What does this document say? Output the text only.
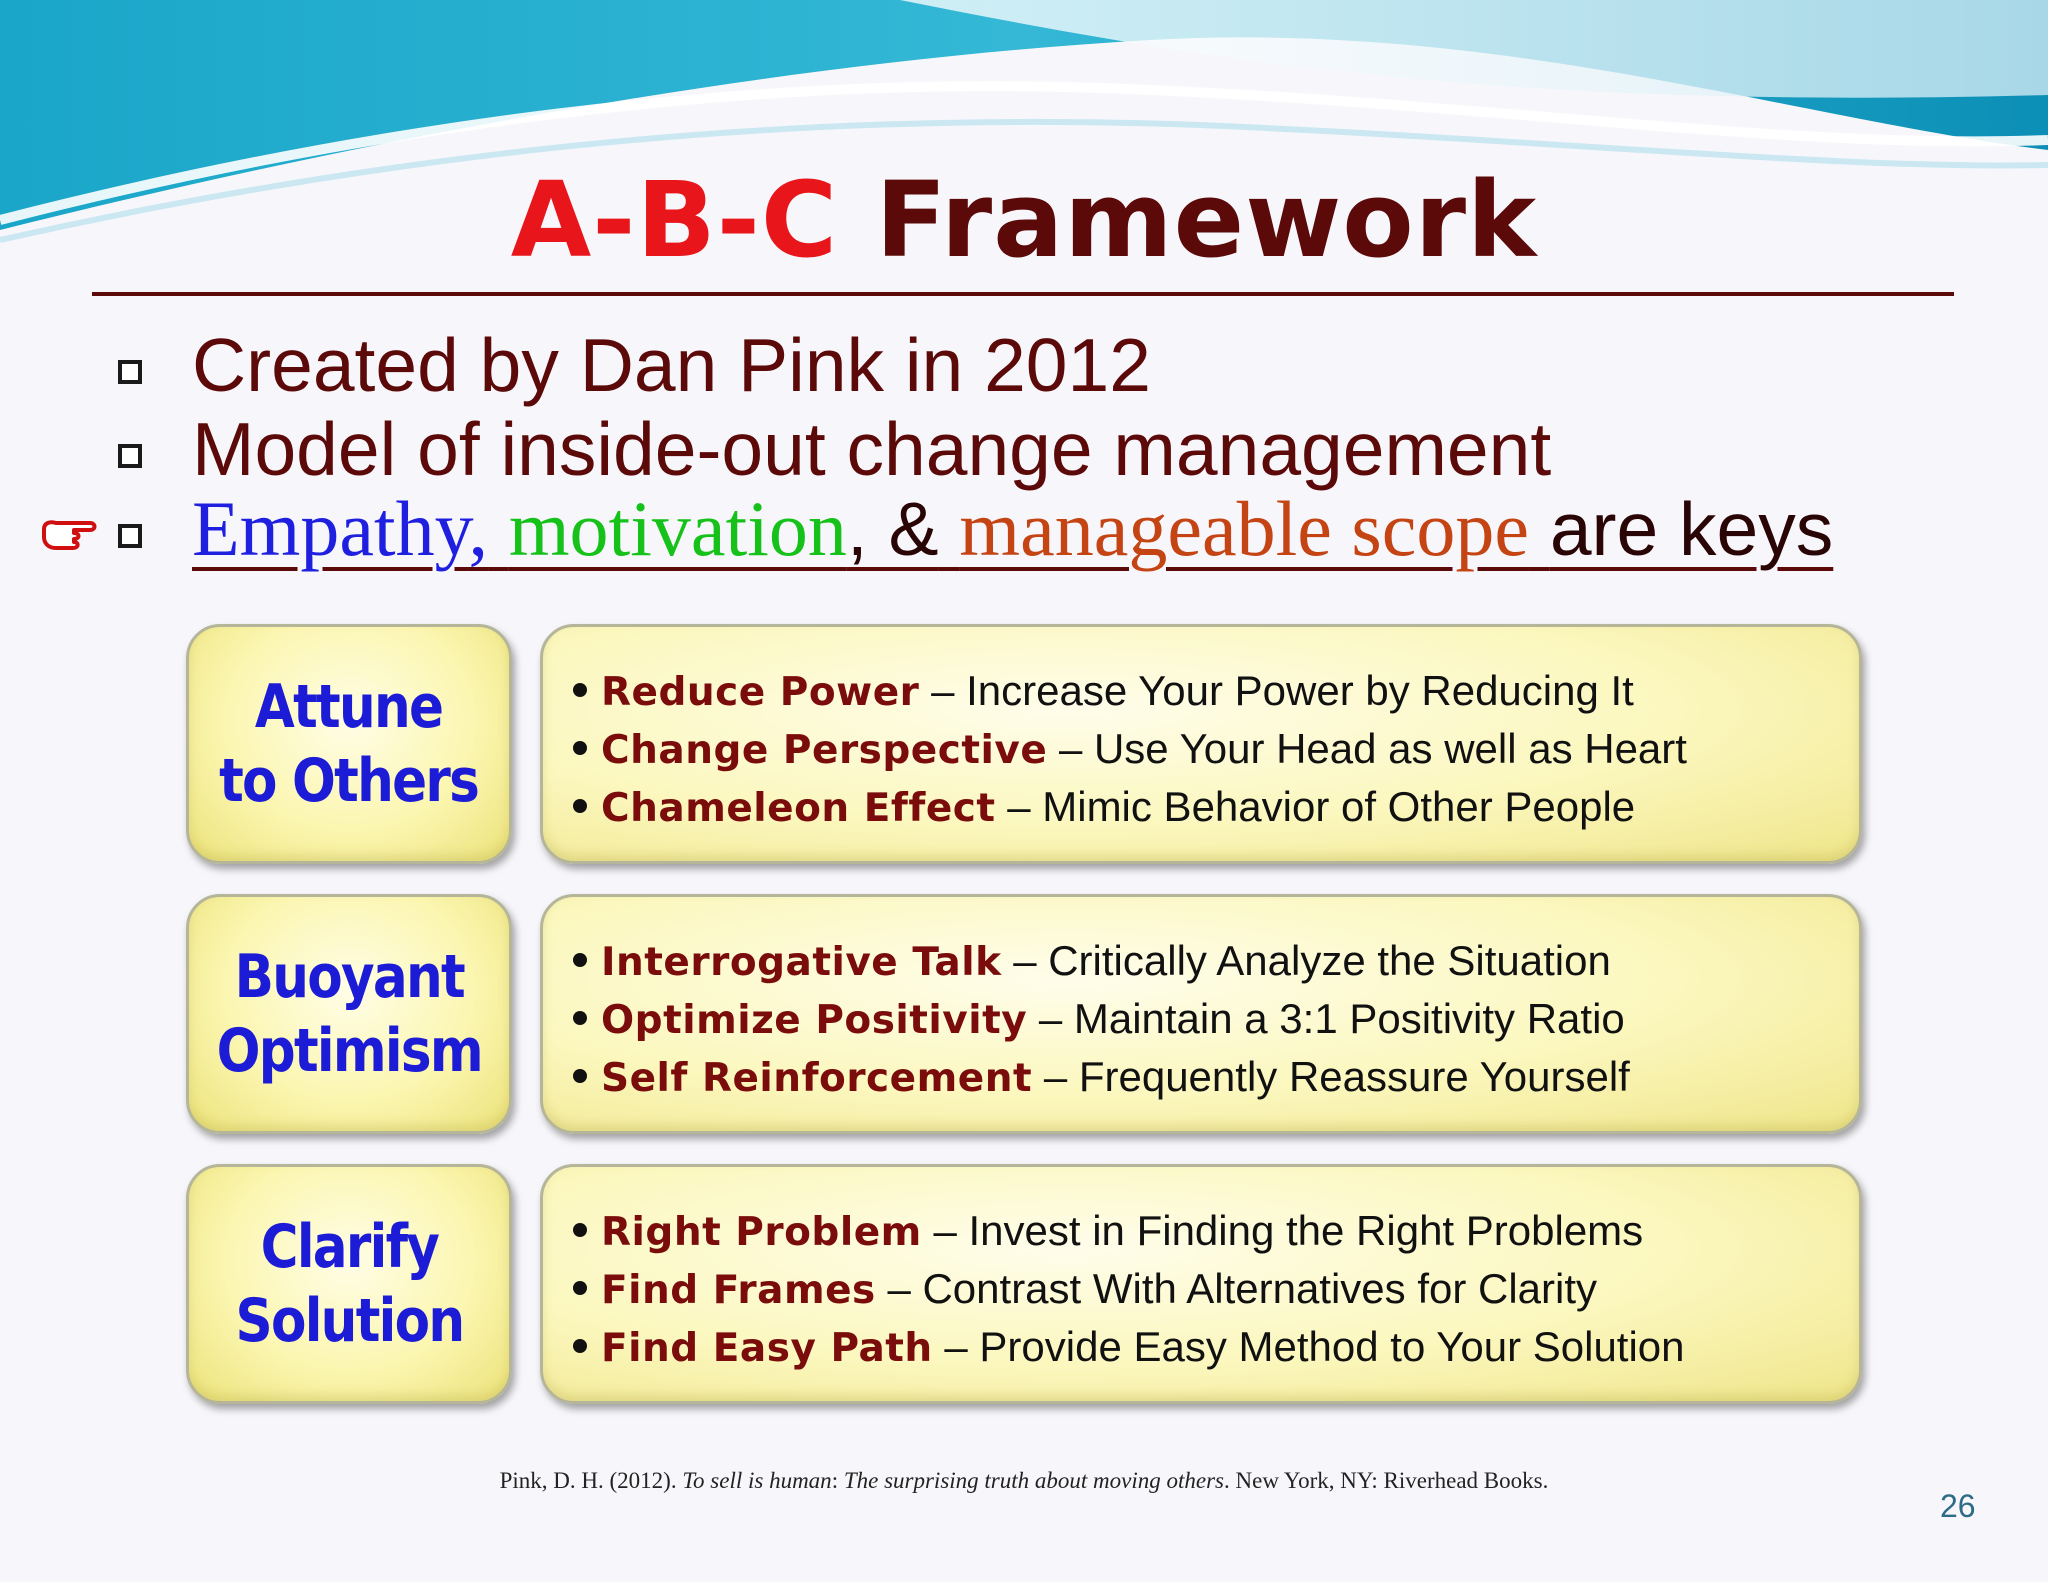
A-B-C Framework
Created by Dan Pink in 2012
Model of inside-out change management
Empathy, motivation, & manageable scope are keys
Attune
to Others
Reduce Power – Increase Your Power by Reducing It
Change Perspective – Use Your Head as well as Heart
Chameleon Effect – Mimic Behavior of Other People
Buoyant
Optimism
Interrogative Talk – Critically Analyze the Situation
Optimize Positivity – Maintain a 3:1 Positivity Ratio
Self Reinforcement – Frequently Reassure Yourself
Clarify
Solution
Right Problem – Invest in Finding the Right Problems
Find Frames – Contrast With Alternatives for Clarity
Find Easy Path – Provide Easy Method to Your Solution
Pink, D. H. (2012). To sell is human: The surprising truth about moving others. New York, NY: Riverhead Books.
26
